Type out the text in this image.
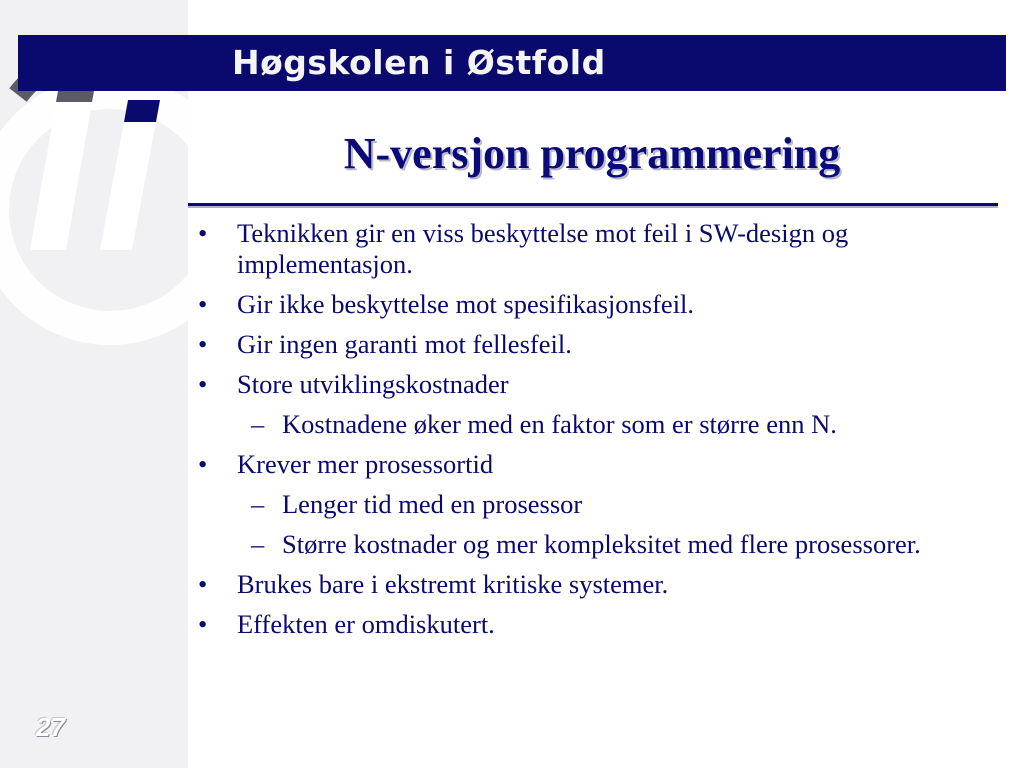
Høgskolen i Østfold
N-versjon programmering
• Teknikken gir en viss beskyttelse mot feil i SW-design og implementasjon.
• Gir ikke beskyttelse mot spesifikasjonsfeil.
• Gir ingen garanti mot fellesfeil.
• Store utviklingskostnader
– Kostnadene øker med en faktor som er større enn N.
• Krever mer prosessortid
– Lenger tid med en prosessor
– Større kostnader og mer kompleksitet med flere prosessorer.
• Brukes bare i ekstremt kritiske systemer.
• Effekten er omdiskutert.
27
